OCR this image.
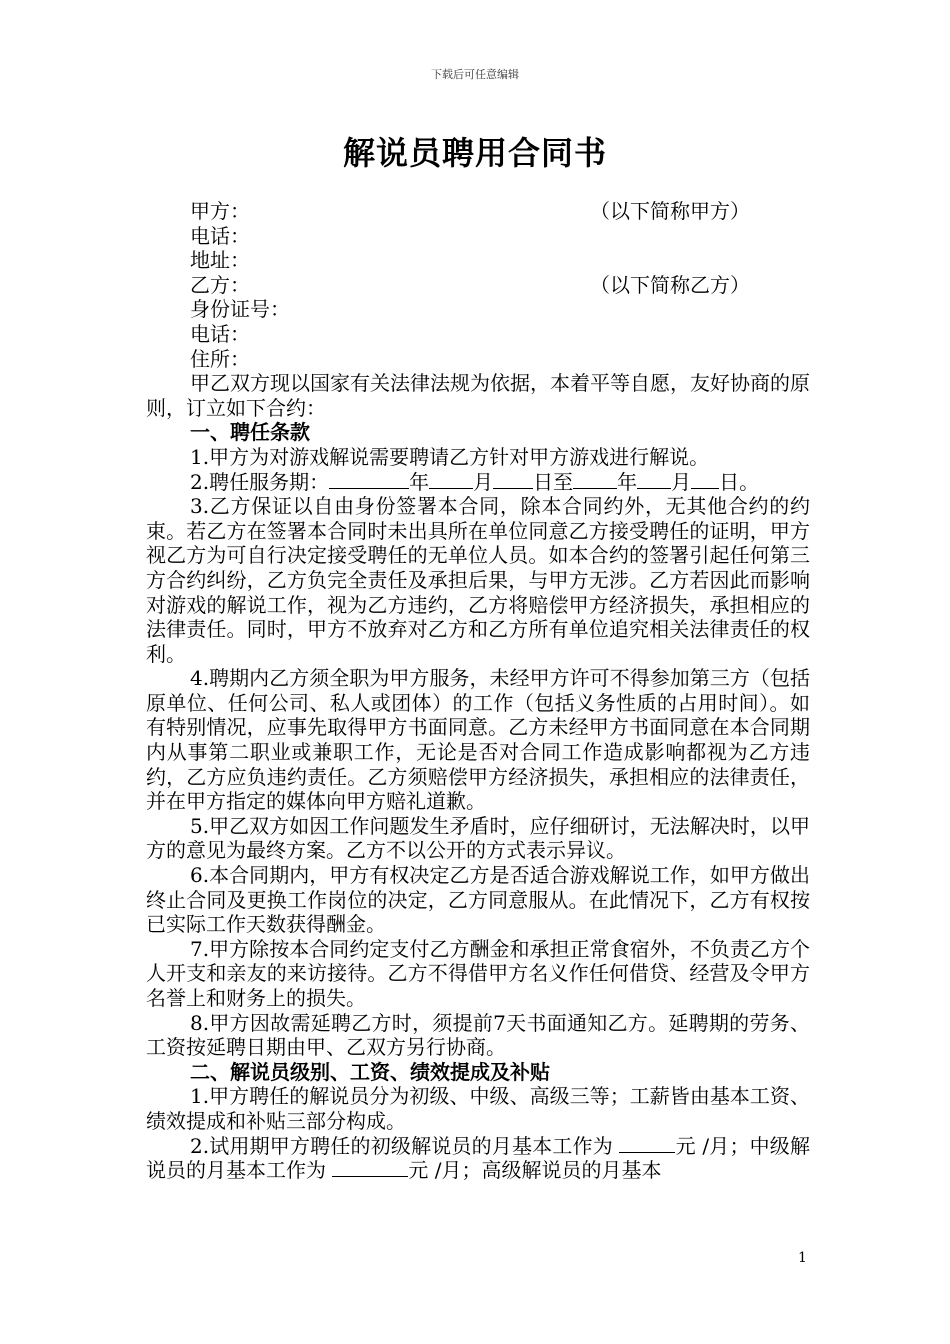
下载后可任意编辑
解说员聘用合同书
甲方：	（以下简称甲方）
电话：
地址：
乙方：	（以下简称乙方）
身份证号：
电话：
住所：
甲乙双方现以国家有关法律法规为依据，本着平等自愿，友好协商的原则，订立如下合约：
一、聘任条款
1.甲方为对游戏解说需要聘请乙方针对甲方游戏进行解说。
2.聘任服务期：	年 月 日至 年 月 日。
3.乙方保证以自由身份签署本合同，除本合同约外，无其他合约的约束。若乙方在签署本合同时未出具所在单位同意乙方接受聘任的证明，甲方视乙方为可自行决定接受聘任的无单位人员。如本合约的签署引起任何第三方合约纠纷，乙方负完全责任及承担后果，与甲方无涉。乙方若因此而影响对游戏的解说工作，视为乙方违约，乙方将赔偿甲方经济损失，承担相应的法律责任。同时，甲方不放弃对乙方和乙方所有单位追究相关法律责任的权利。
4.聘期内乙方须全职为甲方服务，未经甲方许可不得参加第三方（包括原单位、任何公司、私人或团体）的工作（包括义务性质的占用时间）。如有特别情况，应事先取得甲方书面同意。乙方未经甲方书面同意在本合同期内从事第二职业或兼职工作，无论是否对合同工作造成影响都视为乙方违约，乙方应负违约责任。乙方须赔偿甲方经济损失，承担相应的法律责任，并在甲方指定的媒体向甲方赔礼道歉。
5.甲乙双方如因工作问题发生矛盾时，应仔细研讨，无法解决时，以甲方的意见为最终方案。乙方不以公开的方式表示异议。
6.本合同期内，甲方有权决定乙方是否适合游戏解说工作，如甲方做出终止合同及更换工作岗位的决定，乙方同意服从。在此情况下，乙方有权按已实际工作天数获得酬金。
7.甲方除按本合同约定支付乙方酬金和承担正常食宿外，不负责乙方个人开支和亲友的来访接待。乙方不得借甲方名义作任何借贷、经营及令甲方名誉上和财务上的损失。
8.甲方因故需延聘乙方时，须提前7天书面通知乙方。延聘期的劳务、工资按延聘日期由甲、乙双方另行协商。
二、解说员级别、工资、绩效提成及补贴
1.甲方聘任的解说员分为初级、中级、高级三等；工薪皆由基本工资、绩效提成和补贴三部分构成。
2.试用期甲方聘任的初级解说员的月基本工作为	元 /月；中级解说员的月基本工作为	元 /月；高级解说员的月基本
1
